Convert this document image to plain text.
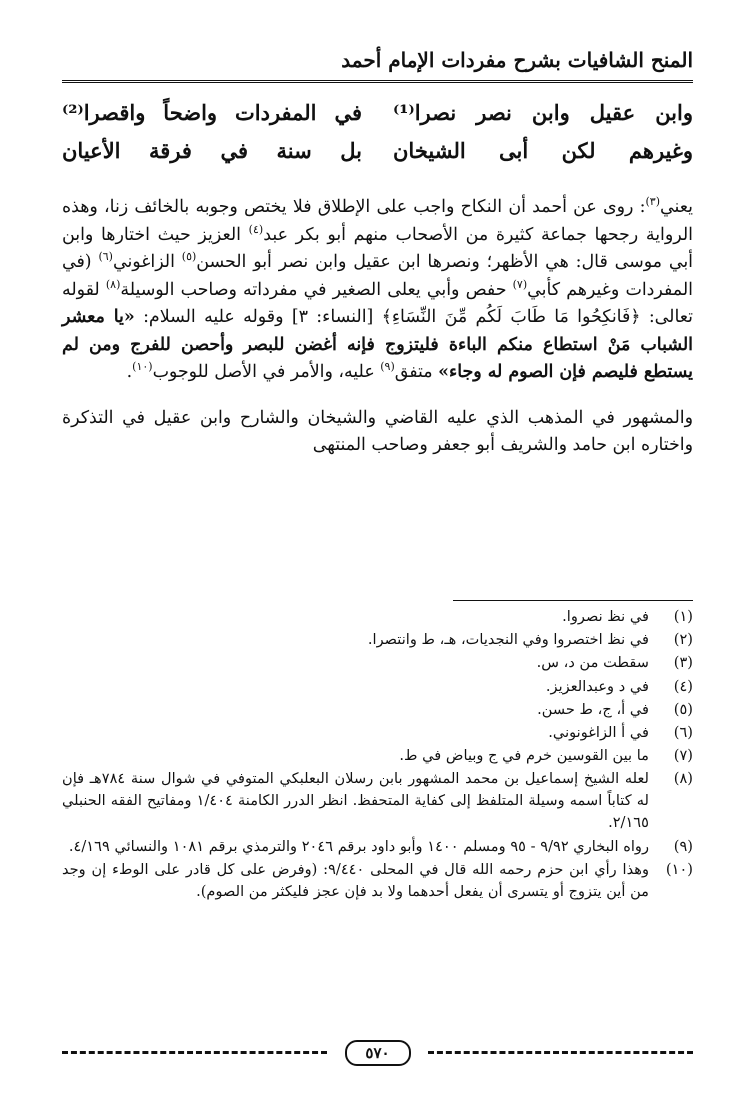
المنح الشافيات بشرح مفردات الإمام أحمد
وابن عقيل وابن نصر نصرا⁽¹⁾
في المفردات واضحاً واقصرا⁽²⁾
وغيرهم لكن أبى الشيخان
بل سنة في فرقة الأعيان

يعني$^{(٣)}$: روى عن أحمد أن النكاح واجب على الإطلاق فلا يختص وجوبه بالخائف زنا، وهذه الرواية رجحها جماعة كثيرة من الأصحاب منهم أبو بكر عبد$^{(٤)}$ العزيز حيث اختارها وابن أبي موسى قال: هي الأظهر؛ ونصرها ابن عقيل وابن نصر أبو الحسن$^{(٥)}$ الزاغوني$^{(٦)}$ (في المفردات وغيرهم كأبي$^{(٧)}$ حفص وأبي يعلى الصغير في مفرداته وصاحب الوسيلة$^{(٨)}$ لقوله تعالى: ﴿فَانكِحُوا مَا طَابَ لَكُم مِّنَ النِّسَاءِ﴾ [النساء: ٣] وقوله عليه السلام: «يا معشر الشباب مَنْ استطاع منكم الباءة فليتزوج فإنه أغضن للبصر وأحصن للفرج ومن لم يستطع فليصم فإن الصوم له وجاء» متفق$^{(٩)}$ عليه، والأمر في الأصل للوجوب$^{(١٠)}$.

والمشهور في المذهب الذي عليه القاضي والشيخان والشارح وابن عقيل في التذكرة واختاره ابن حامد والشريف أبو جعفر وصاحب المنتهى

(١)
في نظ نصروا.
(٢)
في نظ اختصروا وفي النجديات، هـ، ط وانتصرا.
(٣)
سقطت من د، س.
(٤)
في د وعبدالعزيز.
(٥)
في أ، ج، ط حسن.
(٦)
في أ الزاغونوني.
(٧)
ما بين القوسين خرم في ج وبياض في ط.
(٨)
لعله الشيخ إسماعيل بن محمد المشهور بابن رسلان البعلبكي المتوفي في شوال سنة ٧٨٤هـ فإن له كتاباً اسمه وسيلة المتلفظ إلى كفاية المتحفظ. انظر الدرر الكامنة ١/٤٠٤ ومفاتيح الفقه الحنبلي ٢/١٦٥.
(٩)
رواه البخاري ٩/٩٢ - ٩٥ ومسلم ١٤٠٠ وأبو داود برقم ٢٠٤٦ والترمذي برقم ١٠٨١ والنسائي ٤/١٦٩.
(١٠)
وهذا رأي ابن حزم رحمه الله قال في المحلى ٩/٤٤٠: (وفرض على كل قادر على الوطء إن وجد من أين يتزوج أو يتسرى أن يفعل أحدهما ولا بد فإن عجز فليكثر من الصوم).
٥٧٠
